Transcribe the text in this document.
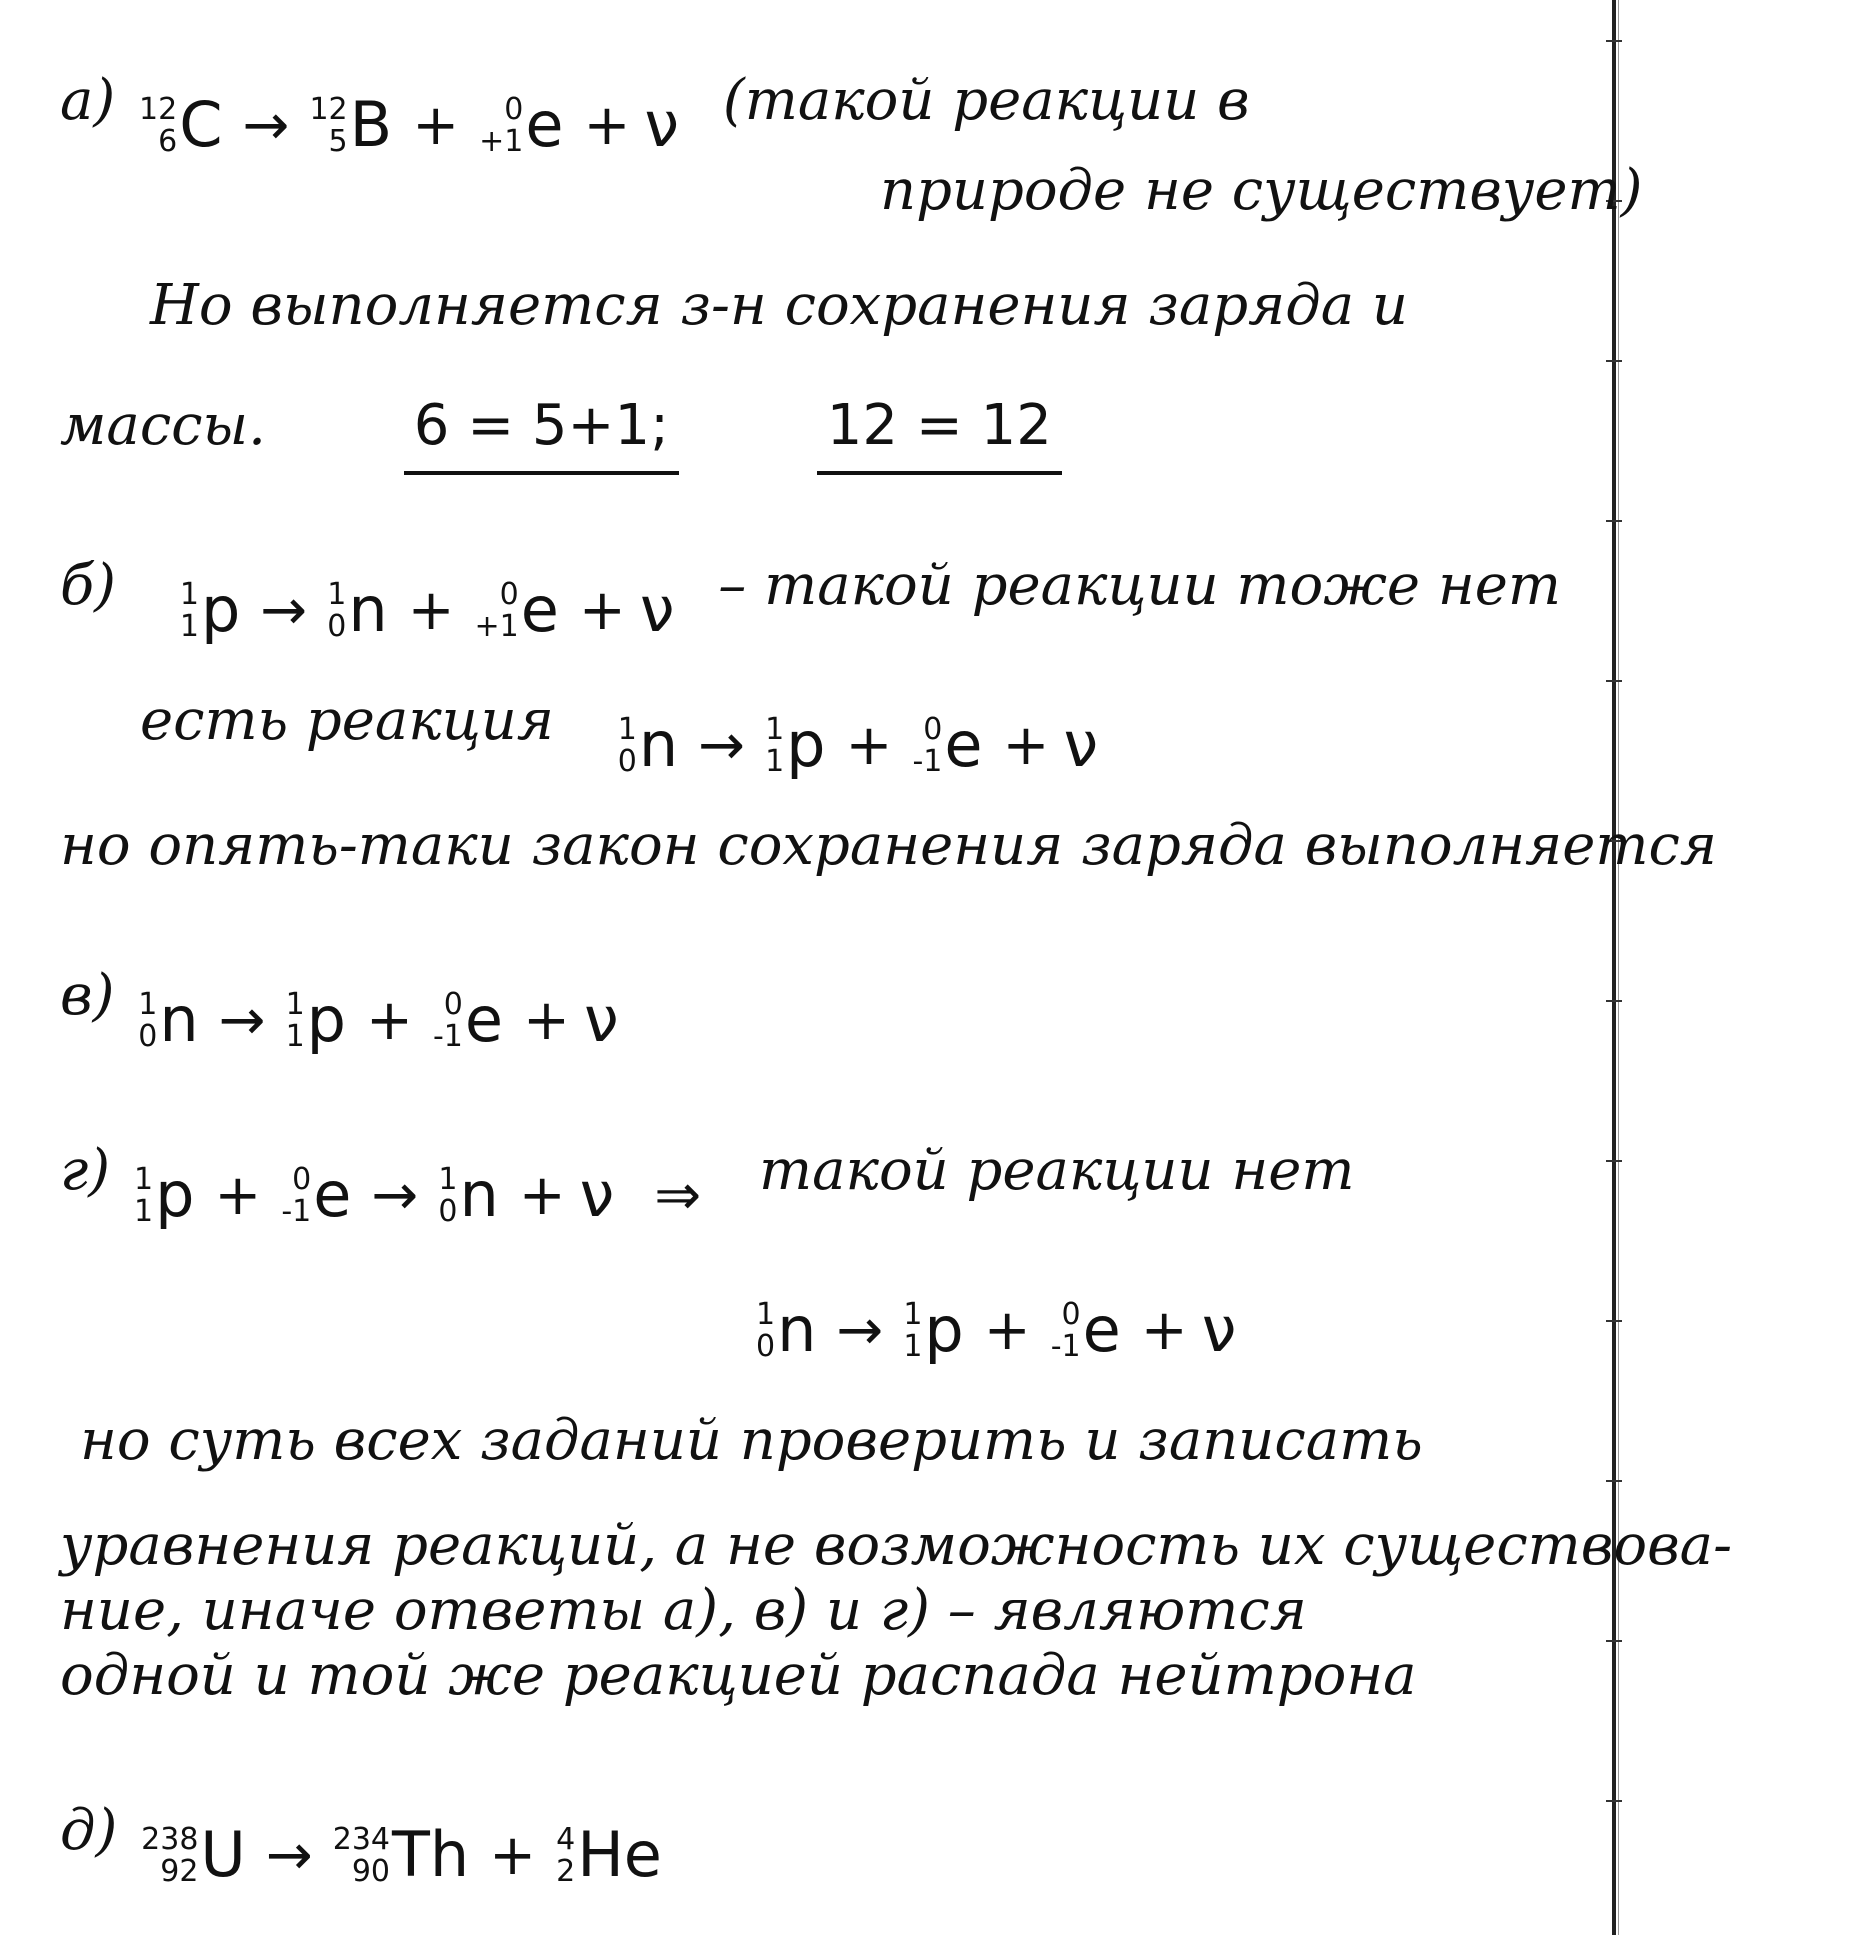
а) 12
6 C → 12
5 B + 0
+1 e + ν (такой реакции в
природе не существует)
Но выполняется з-н сохранения заряда и
массы.	6 = 5+1;	12 = 12
б) 1
1 p → 1
0 n + 0
+1 e + ν – такой реакции тоже нет
есть реакция 1
0 n → 1
1 p + 0
-1 e + ν
но опять-таки закон сохранения заряда выполняется
в) 1
0 n → 1
1 p + 0
-1 e + ν
г) 1
1 p + 0
-1 e → 1
0 n + ν ⇒ такой реакции нет
1
0 n → 1
1 p + 0
-1 e + ν
но суть всех заданий проверить и записать
уравнения реакций, а не возможность их существова-
ние, иначе ответы а), в) и г) – являются
одной и той же реакцией распада нейтрона
д) 238
92 U → 234
90 Th + 4
2 He
